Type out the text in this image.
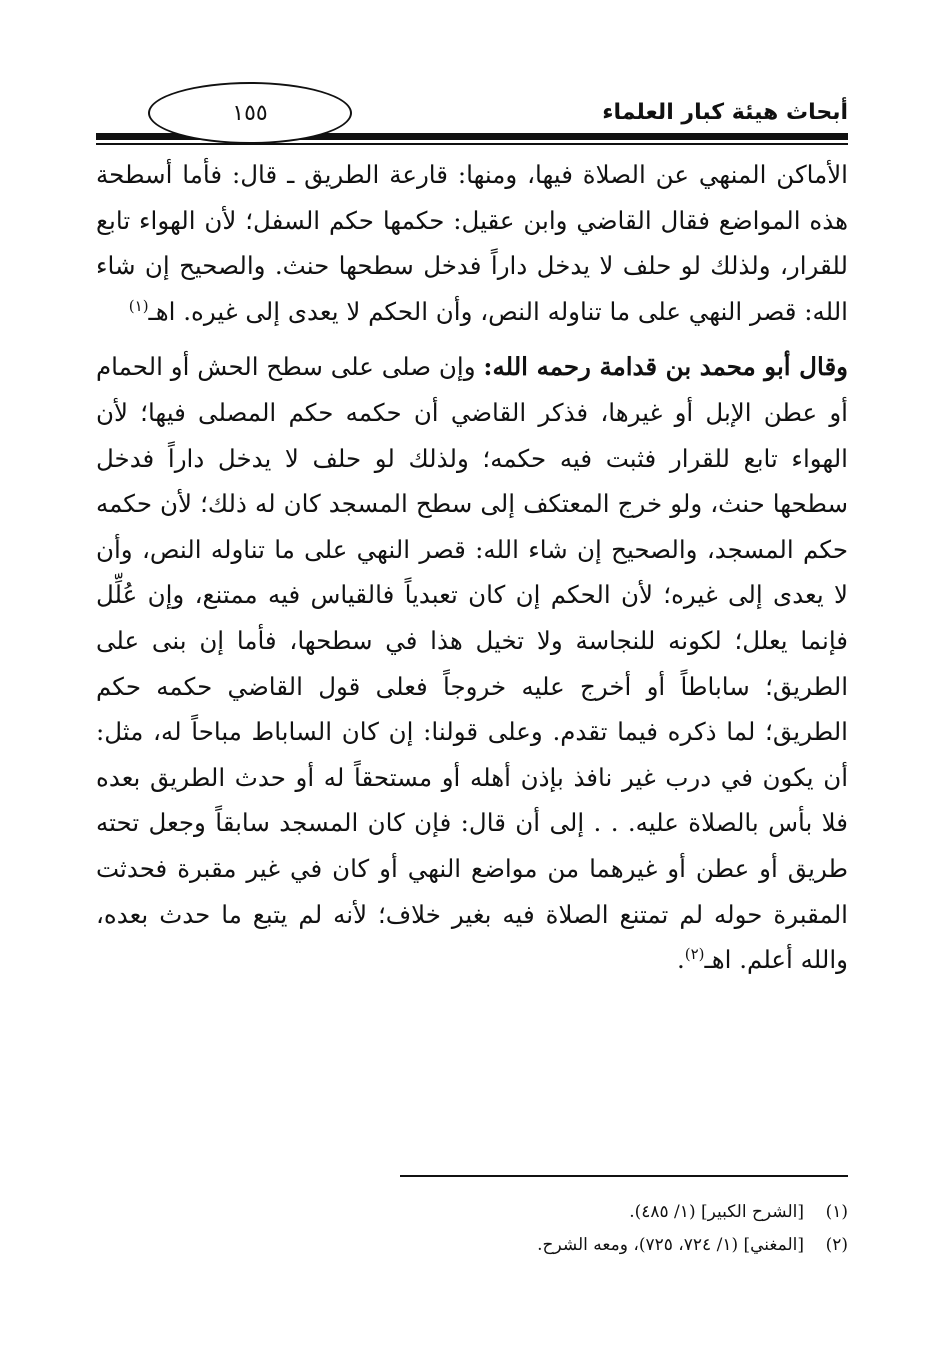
أبحاث هيئة كبار العلماء
١٥٥

الأماكن المنهي عن الصلاة فيها، ومنها: قارعة الطريق ـ قال: فأما أسطحة هذه المواضع فقال القاضي وابن عقيل: حكمها حكم السفل؛ لأن الهواء تابع للقرار، ولذلك لو حلف لا يدخل داراً فدخل سطحها حنث. والصحيح إن شاء الله: قصر النهي على ما تناوله النص، وأن الحكم لا يعدى إلى غيره. اهـ$^{(١)}$

وقال أبو محمد بن قدامة رحمه الله: وإن صلى على سطح الحش أو الحمام أو عطن الإبل أو غيرها، فذكر القاضي أن حكمه حكم المصلى فيها؛ لأن الهواء تابع للقرار فثبت فيه حكمه؛ ولذلك لو حلف لا يدخل داراً فدخل سطحها حنث، ولو خرج المعتكف إلى سطح المسجد كان له ذلك؛ لأن حكمه حكم المسجد، والصحيح إن شاء الله: قصر النهي على ما تناوله النص، وأن لا يعدى إلى غيره؛ لأن الحكم إن كان تعبدياً فالقياس فيه ممتنع، وإن عُلِّل فإنما يعلل؛ لكونه للنجاسة ولا تخيل هذا في سطحها، فأما إن بنى على الطريق؛ ساباطاً أو أخرج عليه خروجاً فعلى قول القاضي حكمه حكم الطريق؛ لما ذكره فيما تقدم. وعلى قولنا: إن كان الساباط مباحاً له، مثل: أن يكون في درب غير نافذ بإذن أهله أو مستحقاً له أو حدث الطريق بعده فلا بأس بالصلاة عليه. . . إلى أن قال: فإن كان المسجد سابقاً وجعل تحته طريق أو عطن أو غيرهما من مواضع النهي أو كان في غير مقبرة فحدثت المقبرة حوله لم تمتنع الصلاة فيه بغير خلاف؛ لأنه لم يتبع ما حدث بعده، والله أعلم. اهـ$^{(٢)}$.

(١)[الشرح الكبير] (١/ ٤٨٥).

(٢)[المغني] (١/ ٧٢٤، ٧٢٥)، ومعه الشرح.
